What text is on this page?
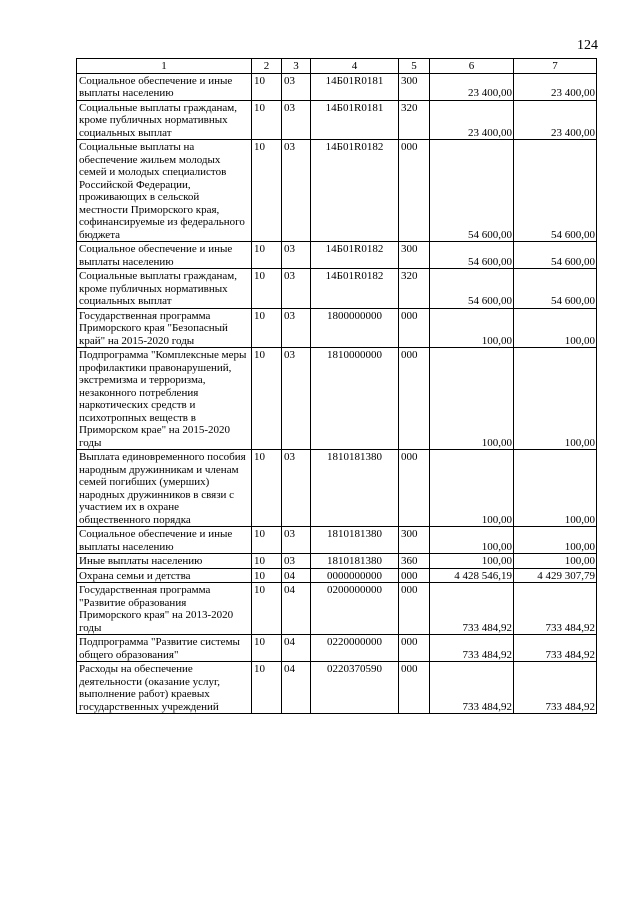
124
1	2	3	4	5	6	7
Социальное обеспечение и иные выплаты населению	10	03	14Б01R0181	300	23 400,00	23 400,00
Социальные выплаты гражданам, кроме публичных нормативных социальных выплат	10	03	14Б01R0181	320	23 400,00	23 400,00
Социальные выплаты на обеспечение жильем молодых семей и молодых специалистов Российской Федерации, проживающих в сельской местности Приморского края, софинансируемые из федерального бюджета	10	03	14Б01R0182	000	54 600,00	54 600,00
Социальное обеспечение и иные выплаты населению	10	03	14Б01R0182	300	54 600,00	54 600,00
Социальные выплаты гражданам, кроме публичных нормативных социальных выплат	10	03	14Б01R0182	320	54 600,00	54 600,00
Государственная программа Приморского края "Безопасный край" на 2015-2020 годы	10	03	1800000000	000	100,00	100,00
Подпрограмма "Комплексные меры профилактики правонарушений, экстремизма и терроризма, незаконного потребления наркотических средств и психотропных веществ в Приморском крае" на 2015-2020 годы	10	03	1810000000	000	100,00	100,00
Выплата единовременного пособия народным дружинникам и членам семей погибших (умерших) народных дружинников в связи с участием их в охране общественного порядка	10	03	1810181380	000	100,00	100,00
Социальное обеспечение и иные выплаты населению	10	03	1810181380	300	100,00	100,00
Иные выплаты населению	10	03	1810181380	360	100,00	100,00
Охрана семьи и детства	10	04	0000000000	000	4 428 546,19	4 429 307,79
Государственная программа "Развитие образования Приморского края" на 2013-2020 годы	10	04	0200000000	000	733 484,92	733 484,92
Подпрограмма "Развитие системы общего образования"	10	04	0220000000	000	733 484,92	733 484,92
Расходы на обеспечение деятельности (оказание услуг, выполнение работ) краевых государственных учреждений	10	04	0220370590	000	733 484,92	733 484,92
